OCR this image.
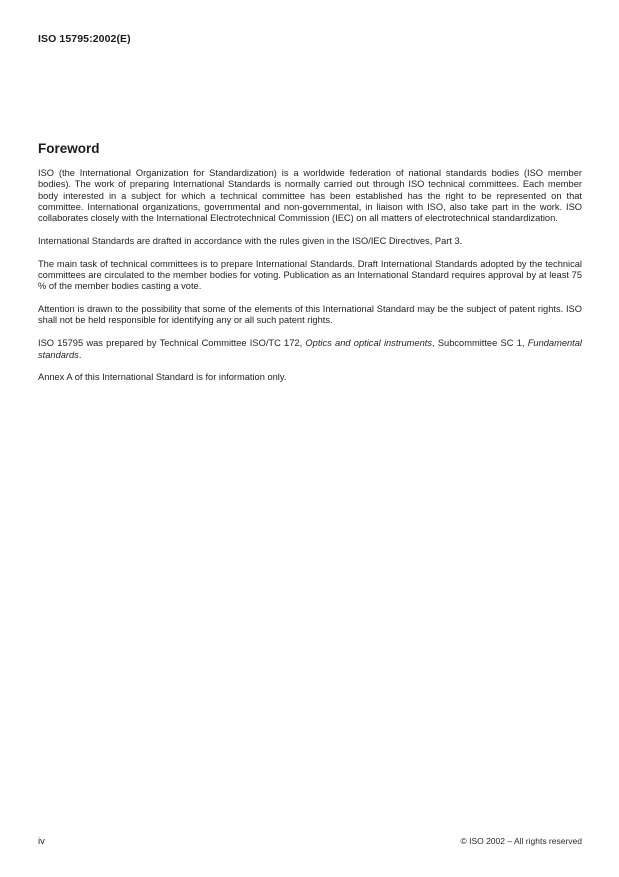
ISO 15795:2002(E)
Foreword

ISO (the International Organization for Standardization) is a worldwide federation of national standards bodies (ISO member bodies). The work of preparing International Standards is normally carried out through ISO technical committees. Each member body interested in a subject for which a technical committee has been established has the right to be represented on that committee. International organizations, governmental and non-governmental, in liaison with ISO, also take part in the work. ISO collaborates closely with the International Electrotechnical Commission (IEC) on all matters of electrotechnical standardization.

International Standards are drafted in accordance with the rules given in the ISO/IEC Directives, Part 3.

The main task of technical committees is to prepare International Standards. Draft International Standards adopted by the technical committees are circulated to the member bodies for voting. Publication as an International Standard requires approval by at least 75 % of the member bodies casting a vote.

Attention is drawn to the possibility that some of the elements of this International Standard may be the subject of patent rights. ISO shall not be held responsible for identifying any or all such patent rights.

ISO 15795 was prepared by Technical Committee ISO/TC 172, Optics and optical instruments, Subcommittee SC 1, Fundamental standards.

Annex A of this International Standard is for information only.

iv	© ISO 2002 – All rights reserved
